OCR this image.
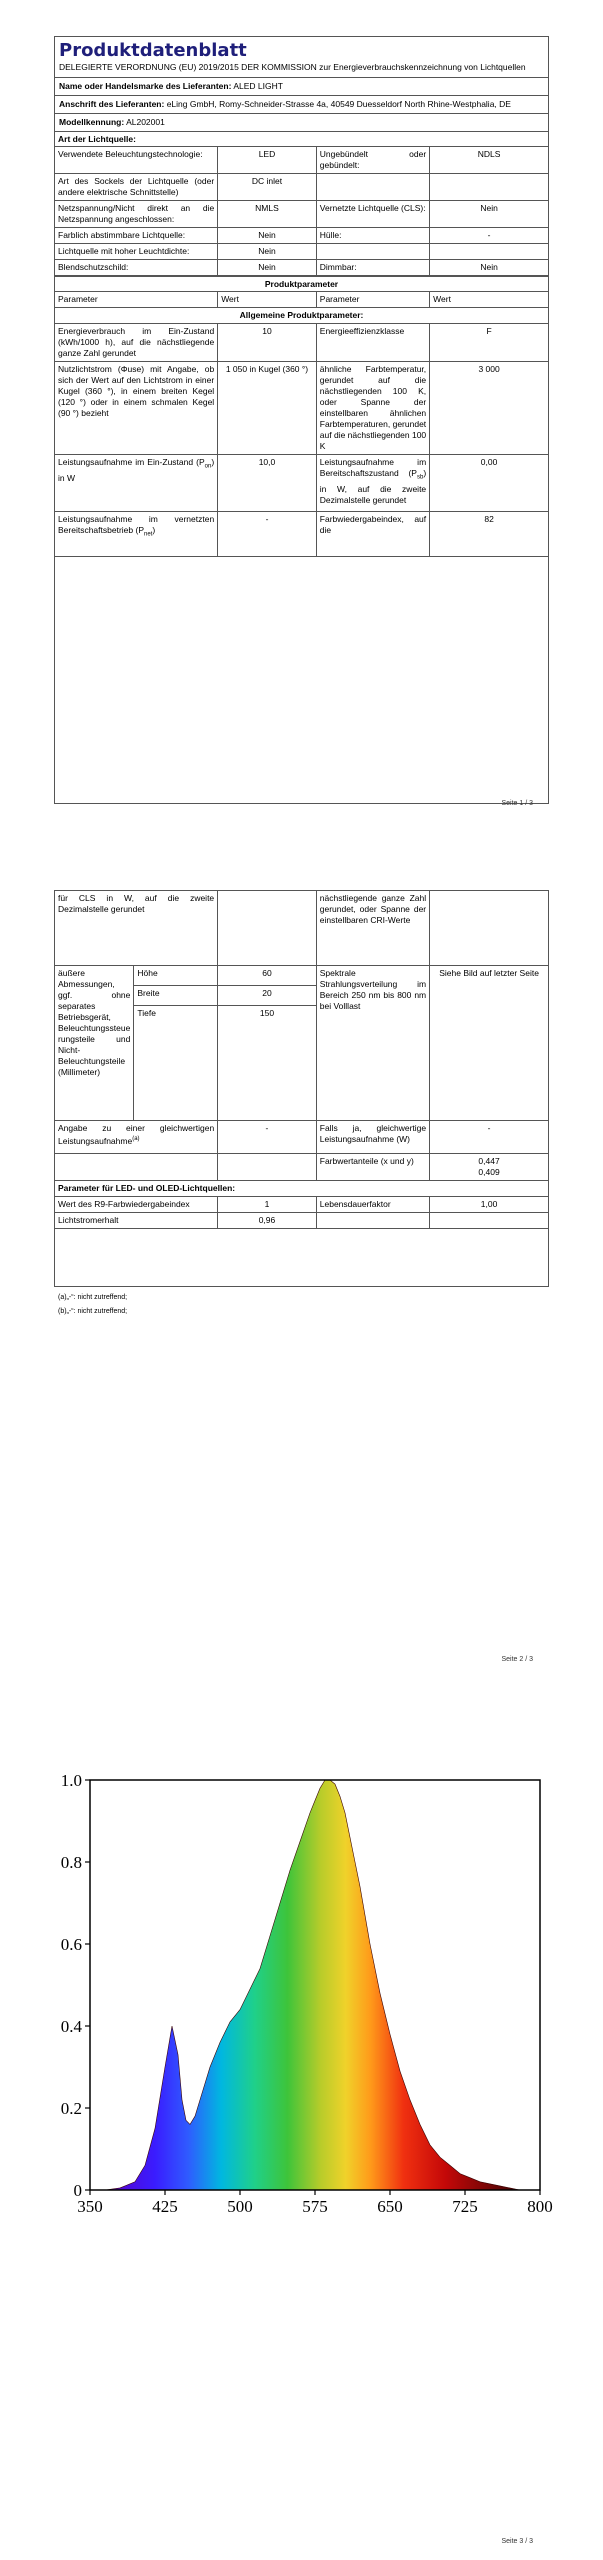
Produktdatenblatt
DELEGIERTE VERORDNUNG (EU) 2019/2015 DER KOMMISSION zur Energieverbrauchskennzeichnung von Lichtquellen
Name oder Handelsmarke des Lieferanten: ALED LIGHT
Anschrift des Lieferanten: eLing GmbH, Romy-Schneider-Strasse 4a, 40549 Duesseldorf North Rhine-Westphalia, DE
Modellkennung: AL202001
Art der Lichtquelle:
Verwendete Beleuchtungstechnologie:	LED	Ungebündelt oder gebündelt:	NDLS
Art des Sockels der Lichtquelle (oder andere elektrische Schnittstelle)	DC inlet		
Netzspannung/Nicht direkt an die Netzspannung angeschlossen:	NMLS	Vernetzte Lichtquelle (CLS):	Nein
Farblich abstimmbare Lichtquelle:	Nein	Hülle:	-
Lichtquelle mit hoher Leuchtdichte:	Nein		
Blendschutzschild:	Nein	Dimmbar:	Nein
Produktparameter
Parameter	Wert	Parameter	Wert
Allgemeine Produktparameter:			
Energieverbrauch im Ein-Zustand (kWh/1000 h), auf die nächstliegende ganze Zahl gerundet	10	Energieeffizienzklasse	F
Nutzlichtstrom (Φuse) mit Angabe, ob sich der Wert auf den Lichtstrom in einer Kugel (360 °), in einem breiten Kegel (120 °) oder in einem schmalen Kegel (90 °) bezieht	1 050 in Kugel (360 °)	ähnliche Farbtemperatur, gerundet auf die nächstliegenden 100 K, oder Spanne der einstellbaren ähnlichen Farbtemperaturen, gerundet auf die nächstliegenden 100 K	3 000
Leistungsaufnahme im Ein-Zustand $(P_{on})$ in W	10,0	Leistungsaufnahme im Bereitschaftszustand $(P_{sb})$ in W, auf die zweite Dezimalstelle gerundet	0,00
Leistungsaufnahme im vernetzten Bereitschaftsbetrieb $(P_{net})$	-	Farbwiedergabeindex, auf die	82
Seite 1 / 3
für CLS in W, auf die zweite Dezimalstelle gerundet			nächstliegende ganze Zahl gerundet, oder Spanne der einstellbaren CRI-Werte	
äußere Abmessungen, ggf. ohne separates Betriebsgerät, Beleuchtungssteuerungsteile und Nicht-Beleuchtungsteile (Millimeter)	Höhe	60	Spektrale Strahlungsverteilung im Bereich 250 nm bis 800 nm bei Volllast	Siehe Bild auf letzter Seite
	Breite	20		
	Tiefe	150		
Angabe zu einer gleichwertigen Leistungsaufnahme$^{(a)}$		-	Falls ja, gleichwertige Leistungsaufnahme (W)	-
			Farbwertanteile (x und y)	0,447
0,409

Parameter für LED- und OLED-Lichtquellen:				
Wert des R9-Farbwiedergabeindex		1	Lebensdauerfaktor	1,00
Lichtstromerhalt		0,96		
(a)„-“: nicht zutreffend;
(b)„-“: nicht zutreffend;
Seite 2 / 3
350	425	500	575	650	725	800
0
0.2
0.4
0.6
0.8
1.0
Seite 3 / 3
